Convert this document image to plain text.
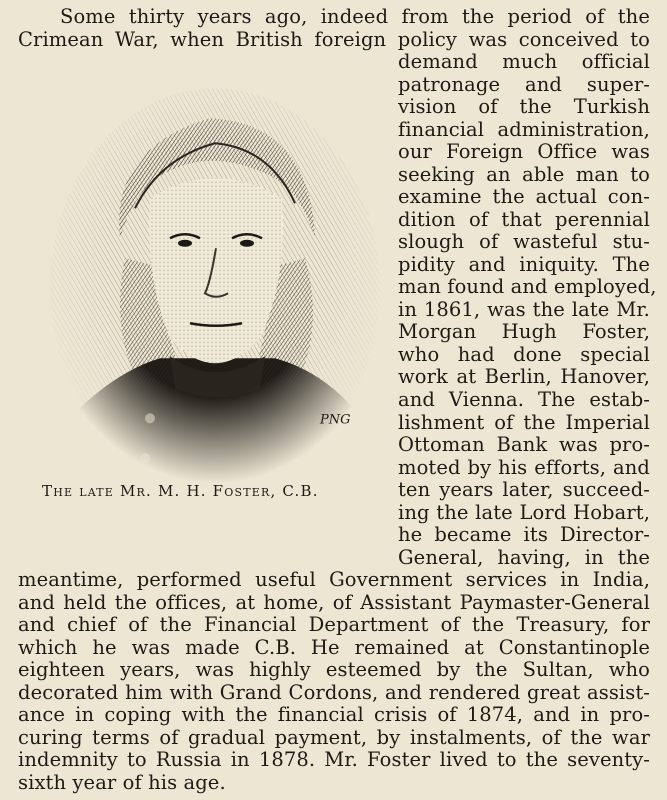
Some thirty years ago, indeed from the period of the
Crimean War, when British foreign policy was conceived to
demand much official
patronage and super-
vision of the Turkish
financial administration,
our Foreign Office was
seeking an able man to
examine the actual con-
dition of that perennial
slough of wasteful stu-
pidity and iniquity. The
man found and employed,
in 1861, was the late Mr.
Morgan Hugh Foster,
who had done special
work at Berlin, Hanover,
and Vienna. The estab-
lishment of the Imperial
Ottoman Bank was pro-
moted by his efforts, and
ten years later, succeed-
ing the late Lord Hobart,
he became its Director-
General, having, in the
meantime, performed useful Government services in India,
and held the offices, at home, of Assistant Paymaster-General
and chief of the Financial Department of the Treasury, for
which he was made C.B. He remained at Constantinople
eighteen years, was highly esteemed by the Sultan, who
decorated him with Grand Cordons, and rendered great assist-
ance in coping with the financial crisis of 1874, and in pro-
curing terms of gradual payment, by instalments, of the war
indemnity to Russia in 1878. Mr. Foster lived to the seventy-
sixth year of his age.
PNG
The late Mr. M. H. Foster, C.B.
